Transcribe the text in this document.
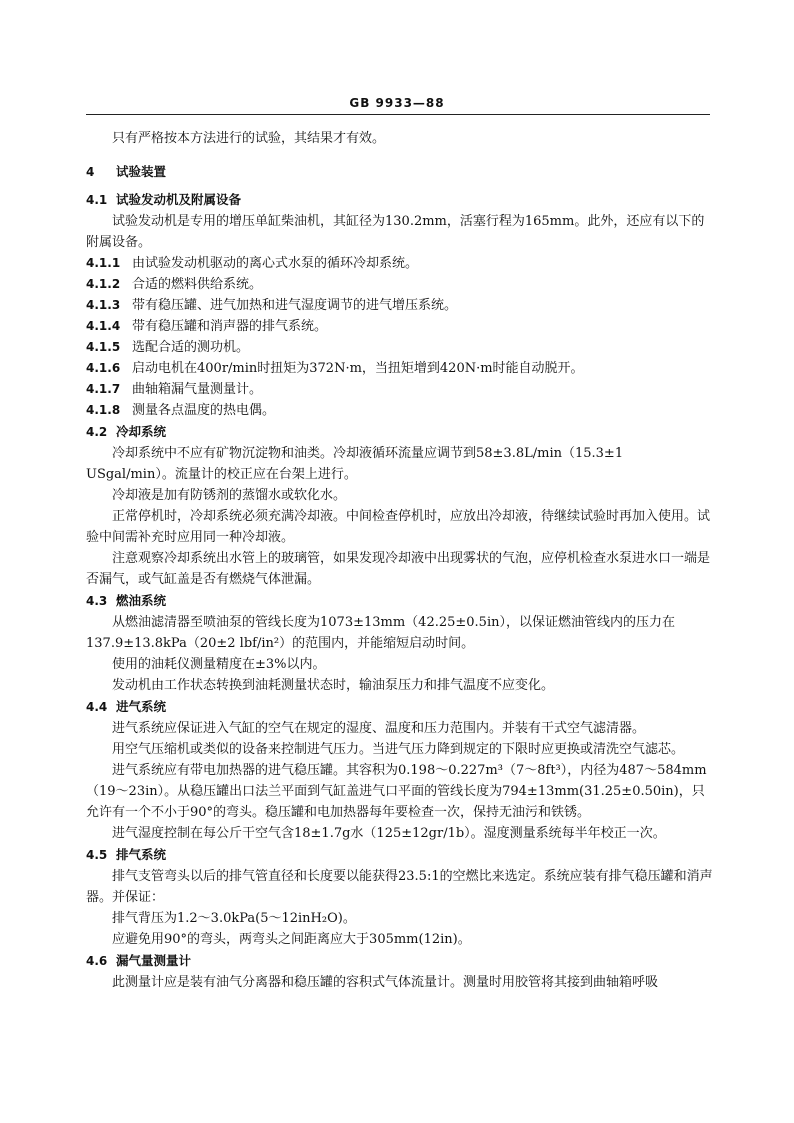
GB 9933—88

只有严格按本方法进行的试验，其结果才有效。

4 试验装置

4.1 试验发动机及附属设备

试验发动机是专用的增压单缸柴油机，其缸径为130.2mm，活塞行程为165mm。此外，还应有以下的附属设备。

4.1.1 由试验发动机驱动的离心式水泵的循环冷却系统。

4.1.2 合适的燃料供给系统。

4.1.3 带有稳压罐、进气加热和进气湿度调节的进气增压系统。

4.1.4 带有稳压罐和消声器的排气系统。

4.1.5 选配合适的测功机。

4.1.6 启动电机在400r/min时扭矩为372N·m，当扭矩增到420N·m时能自动脱开。

4.1.7 曲轴箱漏气量测量计。

4.1.8 测量各点温度的热电偶。

4.2 冷却系统

冷却系统中不应有矿物沉淀物和油类。冷却液循环流量应调节到58±3.8L/min（15.3±1 USgal/min）。流量计的校正应在台架上进行。

冷却液是加有防锈剂的蒸馏水或软化水。

正常停机时，冷却系统必须充满冷却液。中间检查停机时，应放出冷却液，待继续试验时再加入使用。试验中间需补充时应用同一种冷却液。

注意观察冷却系统出水管上的玻璃管，如果发现冷却液中出现雾状的气泡，应停机检查水泵进水口一端是否漏气，或气缸盖是否有燃烧气体泄漏。

4.3 燃油系统

从燃油滤清器至喷油泵的管线长度为1073±13mm（42.25±0.5in），以保证燃油管线内的压力在137.9±13.8kPa（20±2 lbf/in²）的范围内，并能缩短启动时间。

使用的油耗仪测量精度在±3%以内。

发动机由工作状态转换到油耗测量状态时，输油泵压力和排气温度不应变化。

4.4 进气系统

进气系统应保证进入气缸的空气在规定的湿度、温度和压力范围内。并装有干式空气滤清器。

用空气压缩机或类似的设备来控制进气压力。当进气压力降到规定的下限时应更换或清洗空气滤芯。

进气系统应有带电加热器的进气稳压罐。其容积为0.198～0.227m³（7～8ft³），内径为487～584mm（19～23in）。从稳压罐出口法兰平面到气缸盖进气口平面的管线长度为794±13mm(31.25±0.50in)，只允许有一个不小于90°的弯头。稳压罐和电加热器每年要检查一次，保持无油污和铁锈。

进气湿度控制在每公斤干空气含18±1.7g水（125±12gr/1b）。湿度测量系统每半年校正一次。

4.5 排气系统

排气支管弯头以后的排气管直径和长度要以能获得23.5:1的空燃比来选定。系统应装有排气稳压罐和消声器。并保证：

排气背压为1.2～3.0kPa(5～12inH₂O)。

应避免用90°的弯头，两弯头之间距离应大于305mm(12in)。

4.6 漏气量测量计

此测量计应是装有油气分离器和稳压罐的容积式气体流量计。测量时用胶管将其接到曲轴箱呼吸
